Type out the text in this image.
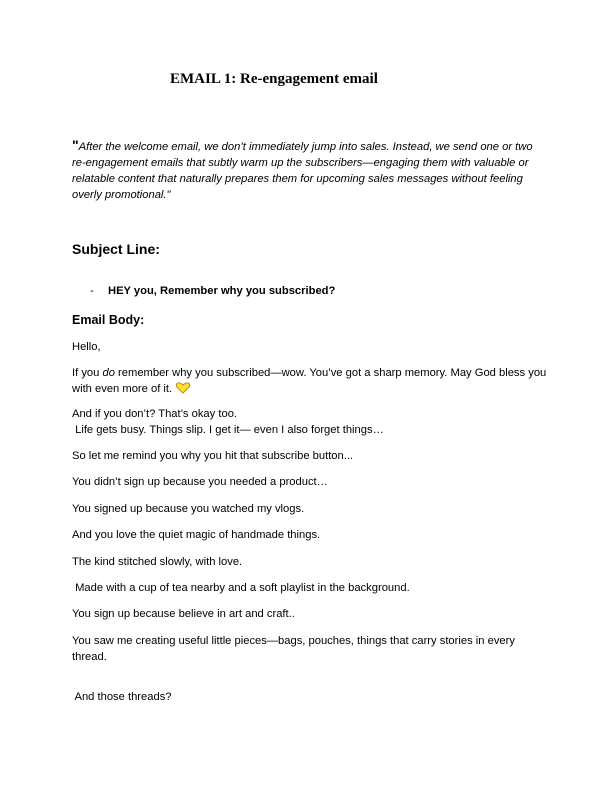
EMAIL 1: Re-engagement email
"After the welcome email, we don’t immediately jump into sales. Instead, we send one or two re-engagement emails that subtly warm up the subscribers—engaging them with valuable or relatable content that naturally prepares them for upcoming sales messages without feeling overly promotional."
Subject Line:
- HEY you, Remember why you subscribed?
Email Body:
Hello,
If you do remember why you subscribed—wow. You’ve got a sharp memory. May God bless you with even more of it.
And if you don’t? That’s okay too.
Life gets busy. Things slip. I get it— even I also forget things…
So let me remind you why you hit that subscribe button...
You didn’t sign up because you needed a product…
You signed up because you watched my vlogs.
And you love the quiet magic of handmade things.
The kind stitched slowly, with love.
Made with a cup of tea nearby and a soft playlist in the background.
You sign up because believe in art and craft..
You saw me creating useful little pieces—bags, pouches, things that carry stories in every thread.
And those threads?
